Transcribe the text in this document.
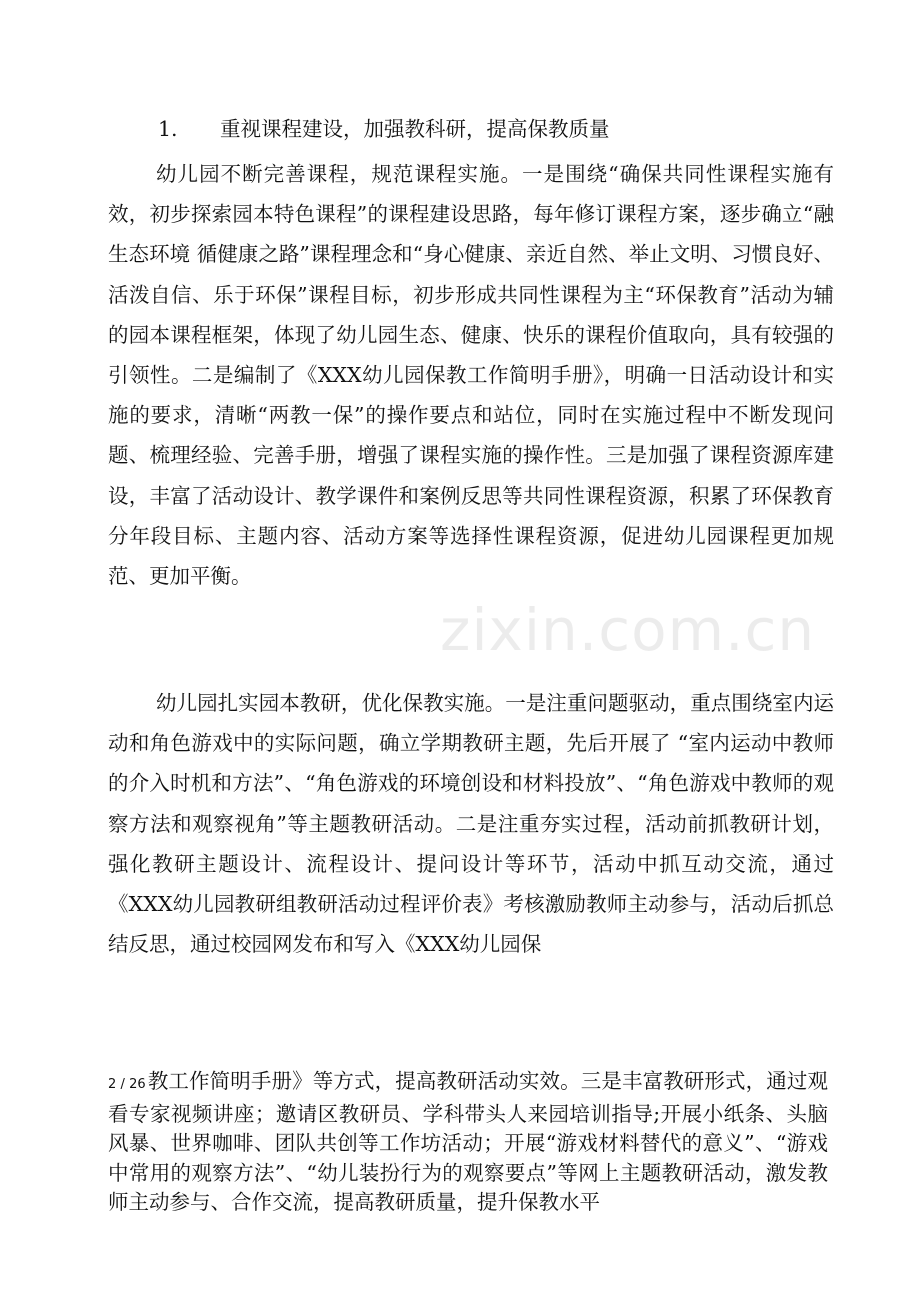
zixin.com.cn
1. 重视课程建设，加强教科研，提高保教质量

幼儿园不断完善课程，规范课程实施。一是围绕“确保共同性课程实施有效，初步探索园本特色课程”的课程建设思路，每年修订课程方案，逐步确立“融生态环境 循健康之路”课程理念和“身心健康、亲近自然、举止文明、习惯良好、活泼自信、乐于环保”课程目标，初步形成共同性课程为主“环保教育”活动为辅的园本课程框架，体现了幼儿园生态、健康、快乐的课程价值取向，具有较强的引领性。二是编制了《XXX幼儿园保教工作简明手册》，明确一日活动设计和实施的要求，清晰“两教一保”的操作要点和站位，同时在实施过程中不断发现问题、梳理经验、完善手册，增强了课程实施的操作性。三是加强了课程资源库建设，丰富了活动设计、教学课件和案例反思等共同性课程资源，积累了环保教育分年段目标、主题内容、活动方案等选择性课程资源，促进幼儿园课程更加规范、更加平衡。

幼儿园扎实园本教研，优化保教实施。一是注重问题驱动，重点围绕室内运动和角色游戏中的实际问题，确立学期教研主题，先后开展了 “室内运动中教师的介入时机和方法”、“角色游戏的环境创设和材料投放”、“角色游戏中教师的观察方法和观察视角”等主题教研活动。二是注重夯实过程，活动前抓教研计划，强化教研主题设计、流程设计、提问设计等环节，活动中抓互动交流，通过《XXX幼儿园教研组教研活动过程评价表》考核激励教师主动参与，活动后抓总结反思，通过校园网发布和写入《XXX幼儿园保

2 / 26教工作简明手册》等方式，提高教研活动实效。三是丰富教研形式，通过观看专家视频讲座；邀请区教研员、学科带头人来园培训指导;开展小纸条、头脑风暴、世界咖啡、团队共创等工作坊活动；开展“游戏材料替代的意义”、“游戏中常用的观察方法”、“幼儿装扮行为的观察要点”等网上主题教研活动，激发教师主动参与、合作交流，提高教研质量，提升保教水平
